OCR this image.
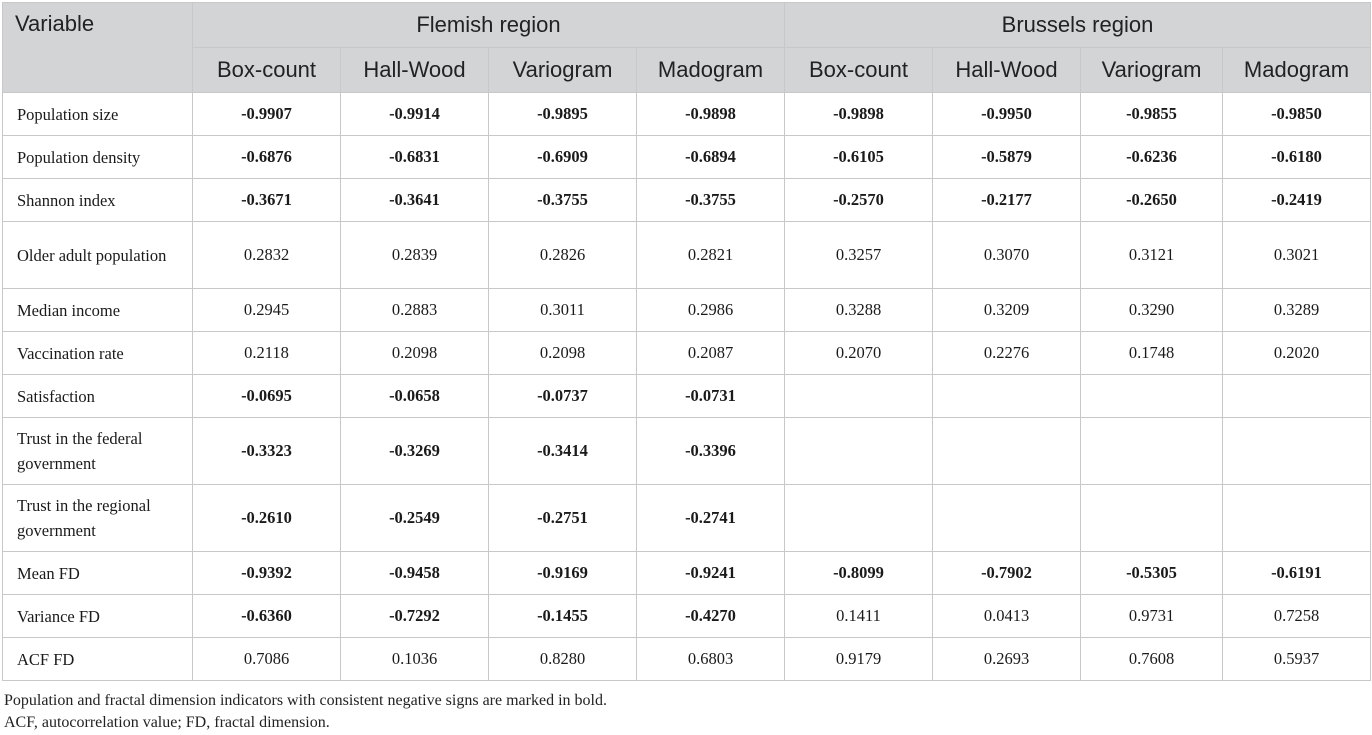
Variable	Flemish region				Brussels region			
	Box-count	Hall-Wood	Variogram	Madogram	Box-count	Hall-Wood	Variogram	Madogram
Population size	-0.9907	-0.9914	-0.9895	-0.9898	-0.9898	-0.9950	-0.9855	-0.9850
Population density	-0.6876	-0.6831	-0.6909	-0.6894	-0.6105	-0.5879	-0.6236	-0.6180
Shannon index	-0.3671	-0.3641	-0.3755	-0.3755	-0.2570	-0.2177	-0.2650	-0.2419
Older adult population	0.2832	0.2839	0.2826	0.2821	0.3257	0.3070	0.3121	0.3021
Median income	0.2945	0.2883	0.3011	0.2986	0.3288	0.3209	0.3290	0.3289
Vaccination rate	0.2118	0.2098	0.2098	0.2087	0.2070	0.2276	0.1748	0.2020
Satisfaction	-0.0695	-0.0658	-0.0737	-0.0731				
Trust in the federal government	-0.3323	-0.3269	-0.3414	-0.3396				
Trust in the regional government	-0.2610	-0.2549	-0.2751	-0.2741				
Mean FD	-0.9392	-0.9458	-0.9169	-0.9241	-0.8099	-0.7902	-0.5305	-0.6191
Variance FD	-0.6360	-0.7292	-0.1455	-0.4270	0.1411	0.0413	0.9731	0.7258
ACF FD	0.7086	0.1036	0.8280	0.6803	0.9179	0.2693	0.7608	0.5937
Population and fractal dimension indicators with consistent negative signs are marked in bold.
ACF, autocorrelation value; FD, fractal dimension.
